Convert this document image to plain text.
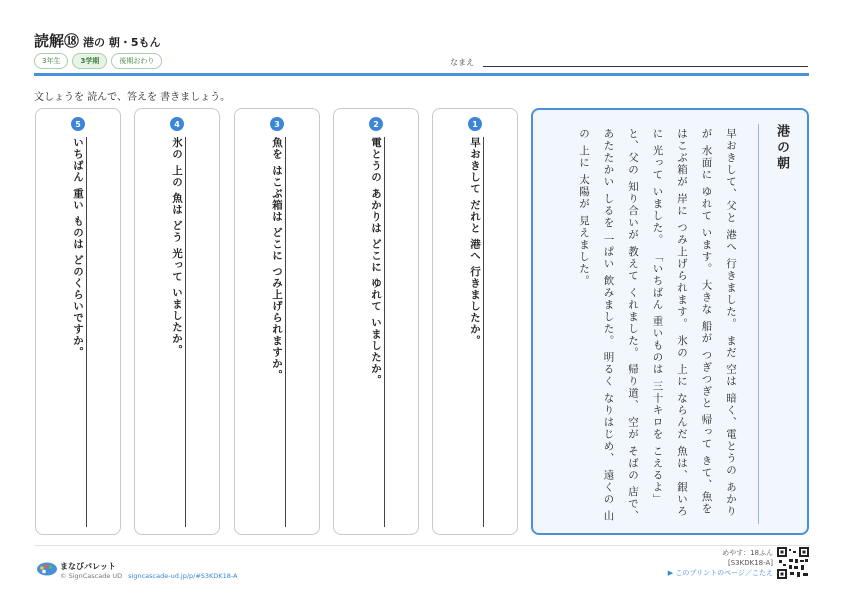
読解⑱ 港の 朝・5もん
3年生	3学期	後期おわり	なまえ
文しょうを 読んで、答えを 書きましょう。
1
早おきして だれと 港へ 行きましたか。
2
電とうの あかりは どこに ゆれて いましたか。
3
魚を はこぶ箱は どこに つみ上げられますか。
4
氷の 上の 魚は どう 光って いましたか。
5
いちばん 重い ものは どのくらいですか。	港の朝

早おきして、父と 港へ 行きました。 まだ 空は 暗く、電とうの あかりが 水面に ゆれて います。 大きな 船が つぎつぎと 帰って きて、魚を はこぶ箱が 岸に つみ上げられます。 氷の 上に ならんだ 魚は、銀いろに 光って いました。 「いちばん 重いものは 三十キロを こえるよ」と、父の 知り合いが 教えて くれました。 帰り道、 空が そばの 店で、 あたたかい しるを 一ぱい 飲みました。 明るく なりはじめ、 遠くの 山の 上に 太陽が 見えました。

まなびパレット
© SignCascade UD signcascade-ud.jp/p/#S3KDK18-A
めやす：18ふん
[S3KDK18-A]
▶ このプリントのページ／こたえ
